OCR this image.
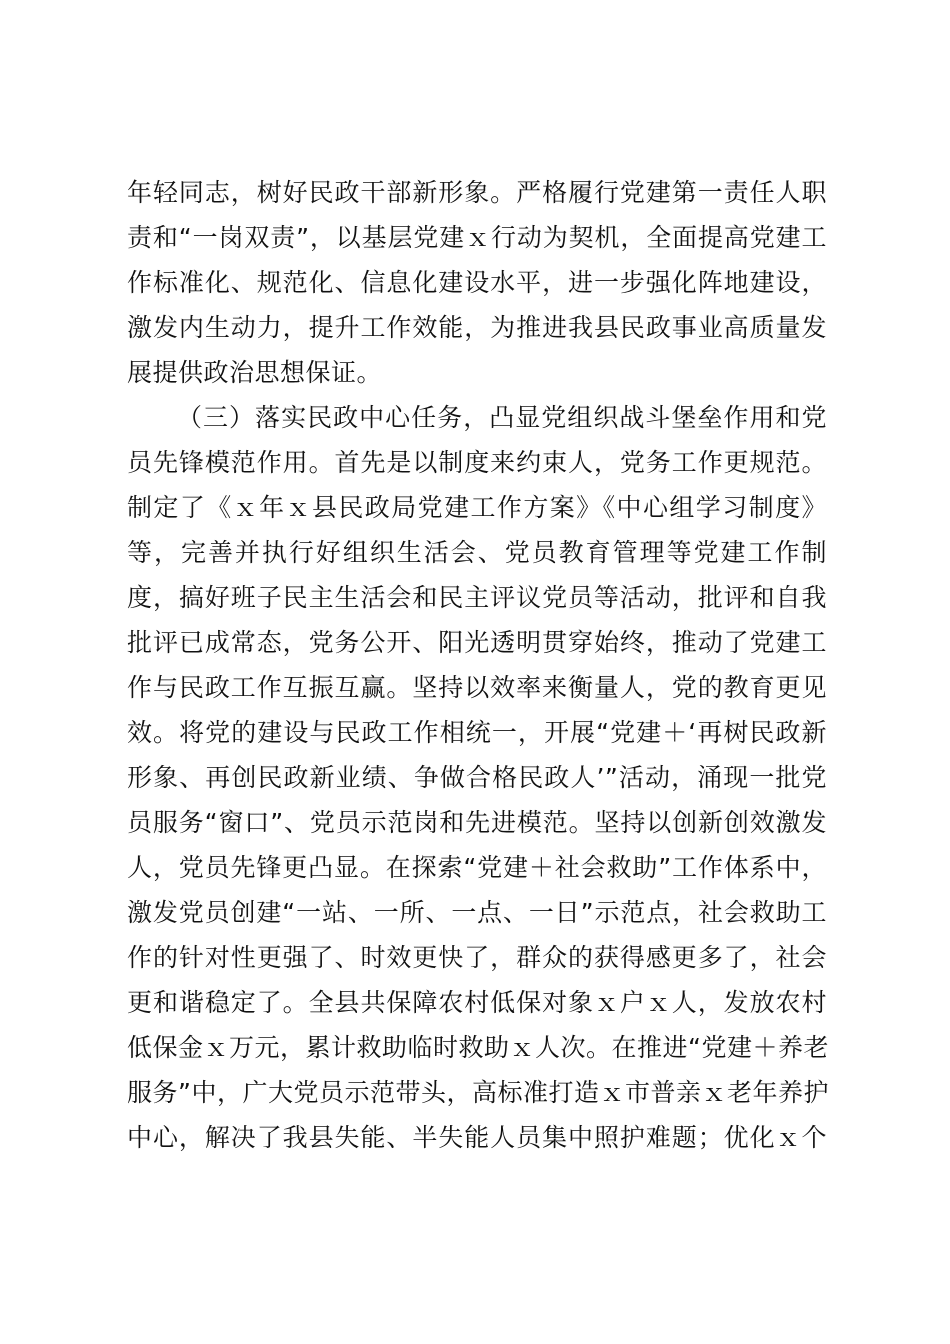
年轻同志，树好民政干部新形象。严格履行党建第一责任人职
责和“一岗双责”，以基层党建ｘ行动为契机，全面提高党建工
作标准化、规范化、信息化建设水平，进一步强化阵地建设，
激发内生动力，提升工作效能，为推进我县民政事业高质量发
展提供政治思想保证。
（三）落实民政中心任务，凸显党组织战斗堡垒作用和党
员先锋模范作用。首先是以制度来约束人，党务工作更规范。
制定了《ｘ年ｘ县民政局党建工作方案》《中心组学习制度》
等，完善并执行好组织生活会、党员教育管理等党建工作制
度，搞好班子民主生活会和民主评议党员等活动，批评和自我
批评已成常态，党务公开、阳光透明贯穿始终，推动了党建工
作与民政工作互振互赢。坚持以效率来衡量人，党的教育更见
效。将党的建设与民政工作相统一，开展“党建＋‘再树民政新
形象、再创民政新业绩、争做合格民政人’”活动，涌现一批党
员服务“窗口”、党员示范岗和先进模范。坚持以创新创效激发
人，党员先锋更凸显。在探索“党建＋社会救助”工作体系中，
激发党员创建“一站、一所、一点、一日”示范点，社会救助工
作的针对性更强了、时效更快了，群众的获得感更多了，社会
更和谐稳定了。全县共保障农村低保对象ｘ户ｘ人，发放农村
低保金ｘ万元，累计救助临时救助ｘ人次。在推进“党建＋养老
服务”中，广大党员示范带头，高标准打造ｘ市普亲ｘ老年养护
中心，解决了我县失能、半失能人员集中照护难题；优化ｘ个
